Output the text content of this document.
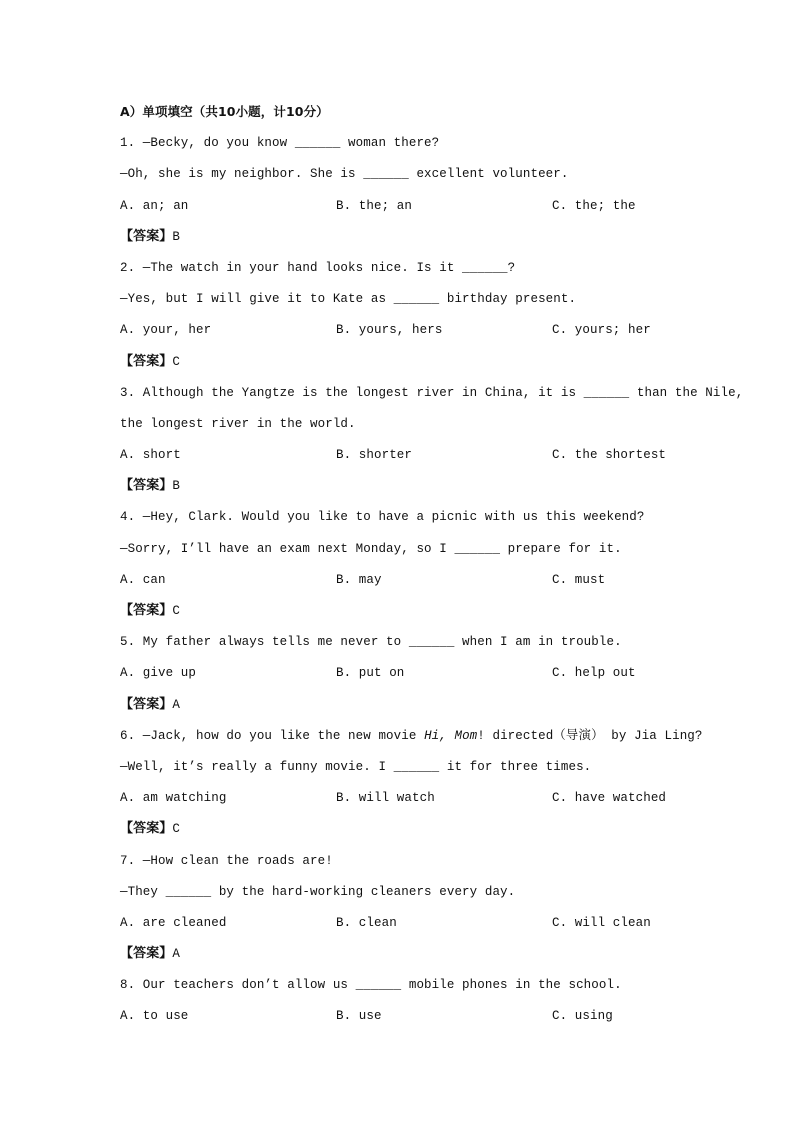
A）单项填空（共10小题，计10分）
1. —Becky, do you know ______ woman there?
—Oh, she is my neighbor. She is ______ excellent volunteer.
A. an; an	B. the; an	C. the; the
【答案】B
2. —The watch in your hand looks nice. Is it ______?
—Yes, but I will give it to Kate as ______ birthday present.
A. your, her	B. yours, hers	C. yours; her
【答案】C
3. Although the Yangtze is the longest river in China, it is ______ than the Nile,
the longest river in the world.
A. short	B. shorter	C. the shortest
【答案】B
4. —Hey, Clark. Would you like to have a picnic with us this weekend?
—Sorry, I’ll have an exam next Monday, so I ______ prepare for it.
A. can	B. may	C. must
【答案】C
5. My father always tells me never to ______ when I am in trouble.
A. give up	B. put on	C. help out
【答案】A
6. —Jack, how do you like the new movie Hi, Mom! directed（导演） by Jia Ling?
—Well, it’s really a funny movie. I ______ it for three times.
A. am watching	B. will watch	C. have watched
【答案】C
7. —How clean the roads are!
—They ______ by the hard-working cleaners every day.
A. are cleaned	B. clean	C. will clean
【答案】A
8. Our teachers don’t allow us ______ mobile phones in the school.
A. to use	B. use	C. using
